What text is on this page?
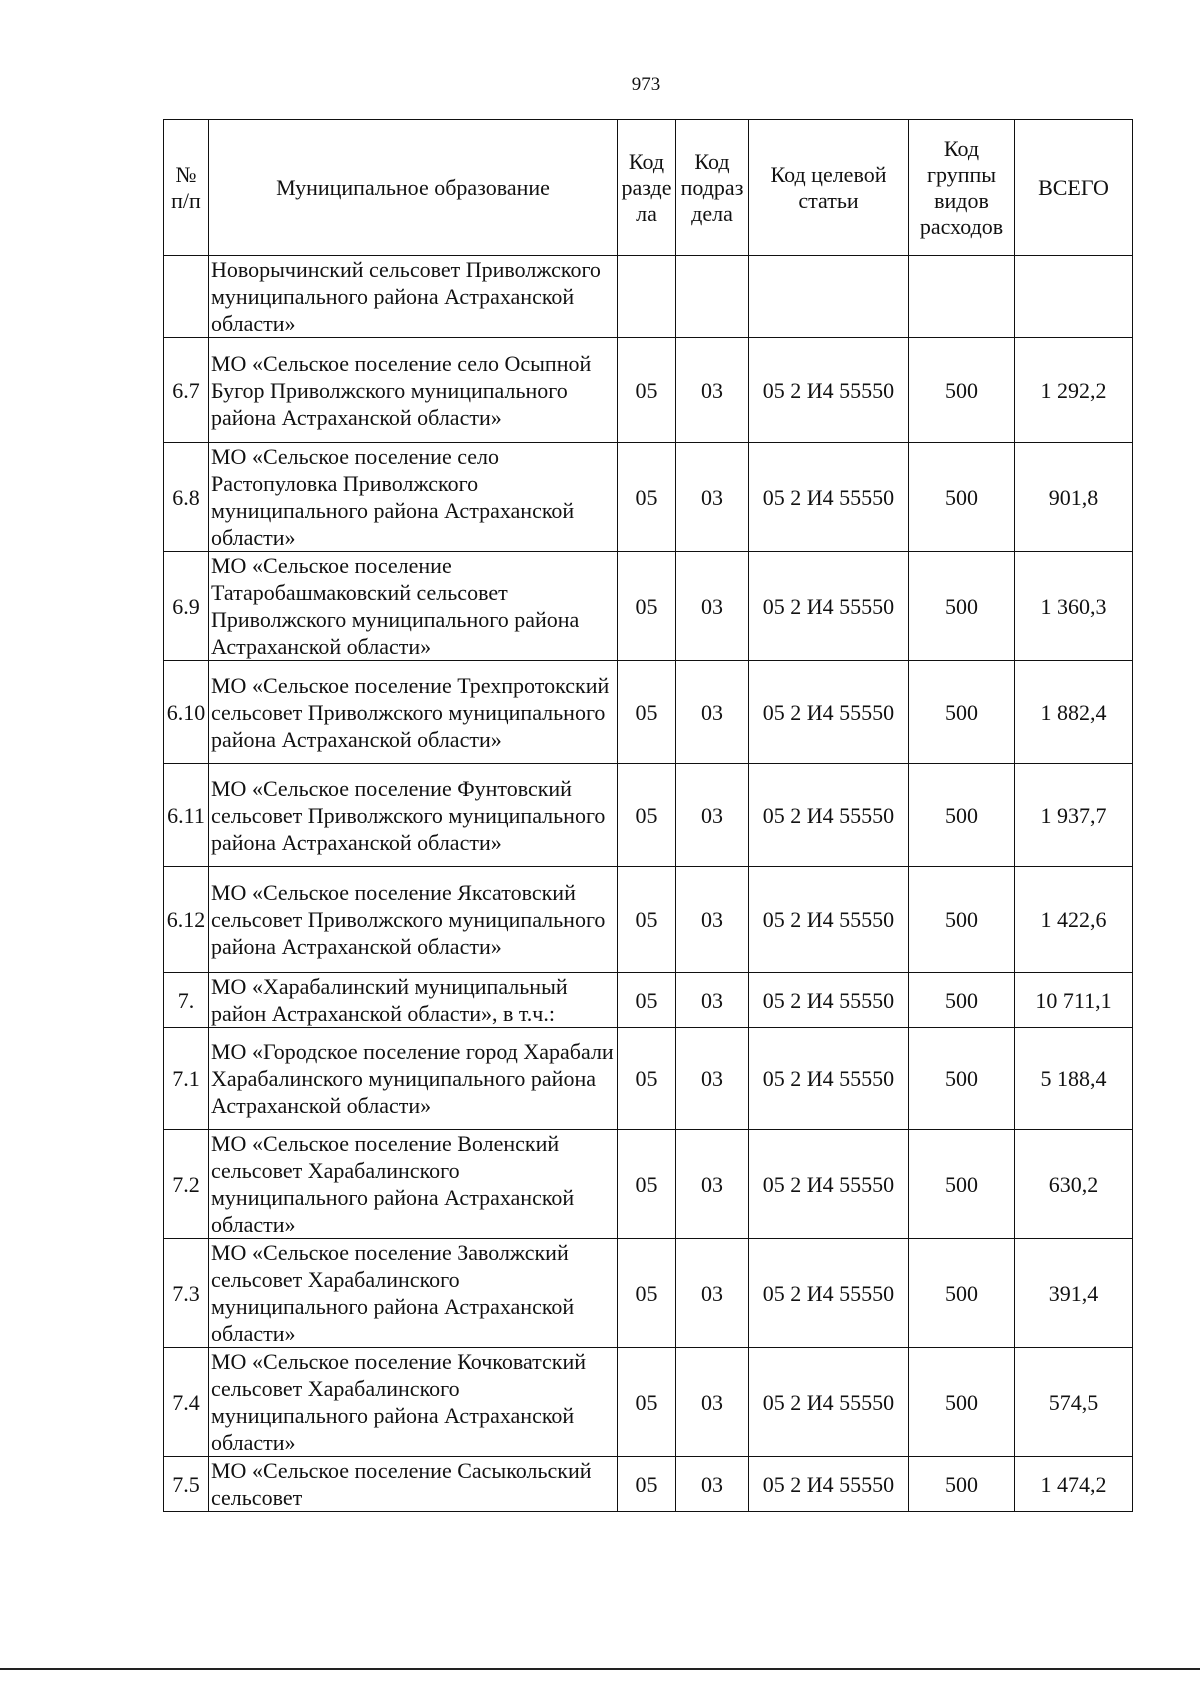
973
№ п/п	Муниципальное образование	Код разде ла	Код подраз дела	Код целевой статьи	Код группы видов расходов	ВСЕГО
	Новорычинский сельсовет Приволжского муниципального района Астраханской области»					
6.7	МО «Сельское поселение село Осыпной Бугор Приволжского муниципального района Астраханской области»	05	03	05 2 И4 55550	500	1 292,2
6.8	МО «Сельское поселение село Растопуловка Приволжского муниципального района Астраханской области»	05	03	05 2 И4 55550	500	901,8
6.9	МО «Сельское поселение Татаробашмаковский сельсовет Приволжского муниципального района Астраханской области»	05	03	05 2 И4 55550	500	1 360,3
6.10	МО «Сельское поселение Трехпротокский сельсовет Приволжского муниципального района Астраханской области»	05	03	05 2 И4 55550	500	1 882,4
6.11	МО «Сельское поселение Фунтовский сельсовет Приволжского муниципального района Астраханской области»	05	03	05 2 И4 55550	500	1 937,7
6.12	МО «Сельское поселение Яксатовский сельсовет Приволжского муниципального района Астраханской области»	05	03	05 2 И4 55550	500	1 422,6
7.	МО «Харабалинский муниципальный район Астраханской области», в т.ч.:	05	03	05 2 И4 55550	500	10 711,1
7.1	МО «Городское поселение город Харабали Харабалинского муниципального района Астраханской области»	05	03	05 2 И4 55550	500	5 188,4
7.2	МО «Сельское поселение Воленский сельсовет Харабалинского муниципального района Астраханской области»	05	03	05 2 И4 55550	500	630,2
7.3	МО «Сельское поселение Заволжский сельсовет Харабалинского муниципального района Астраханской области»	05	03	05 2 И4 55550	500	391,4
7.4	МО «Сельское поселение Кочковатский сельсовет Харабалинского муниципального района Астраханской области»	05	03	05 2 И4 55550	500	574,5
7.5	МО «Сельское поселение Сасыкольский сельсовет	05	03	05 2 И4 55550	500	1 474,2
